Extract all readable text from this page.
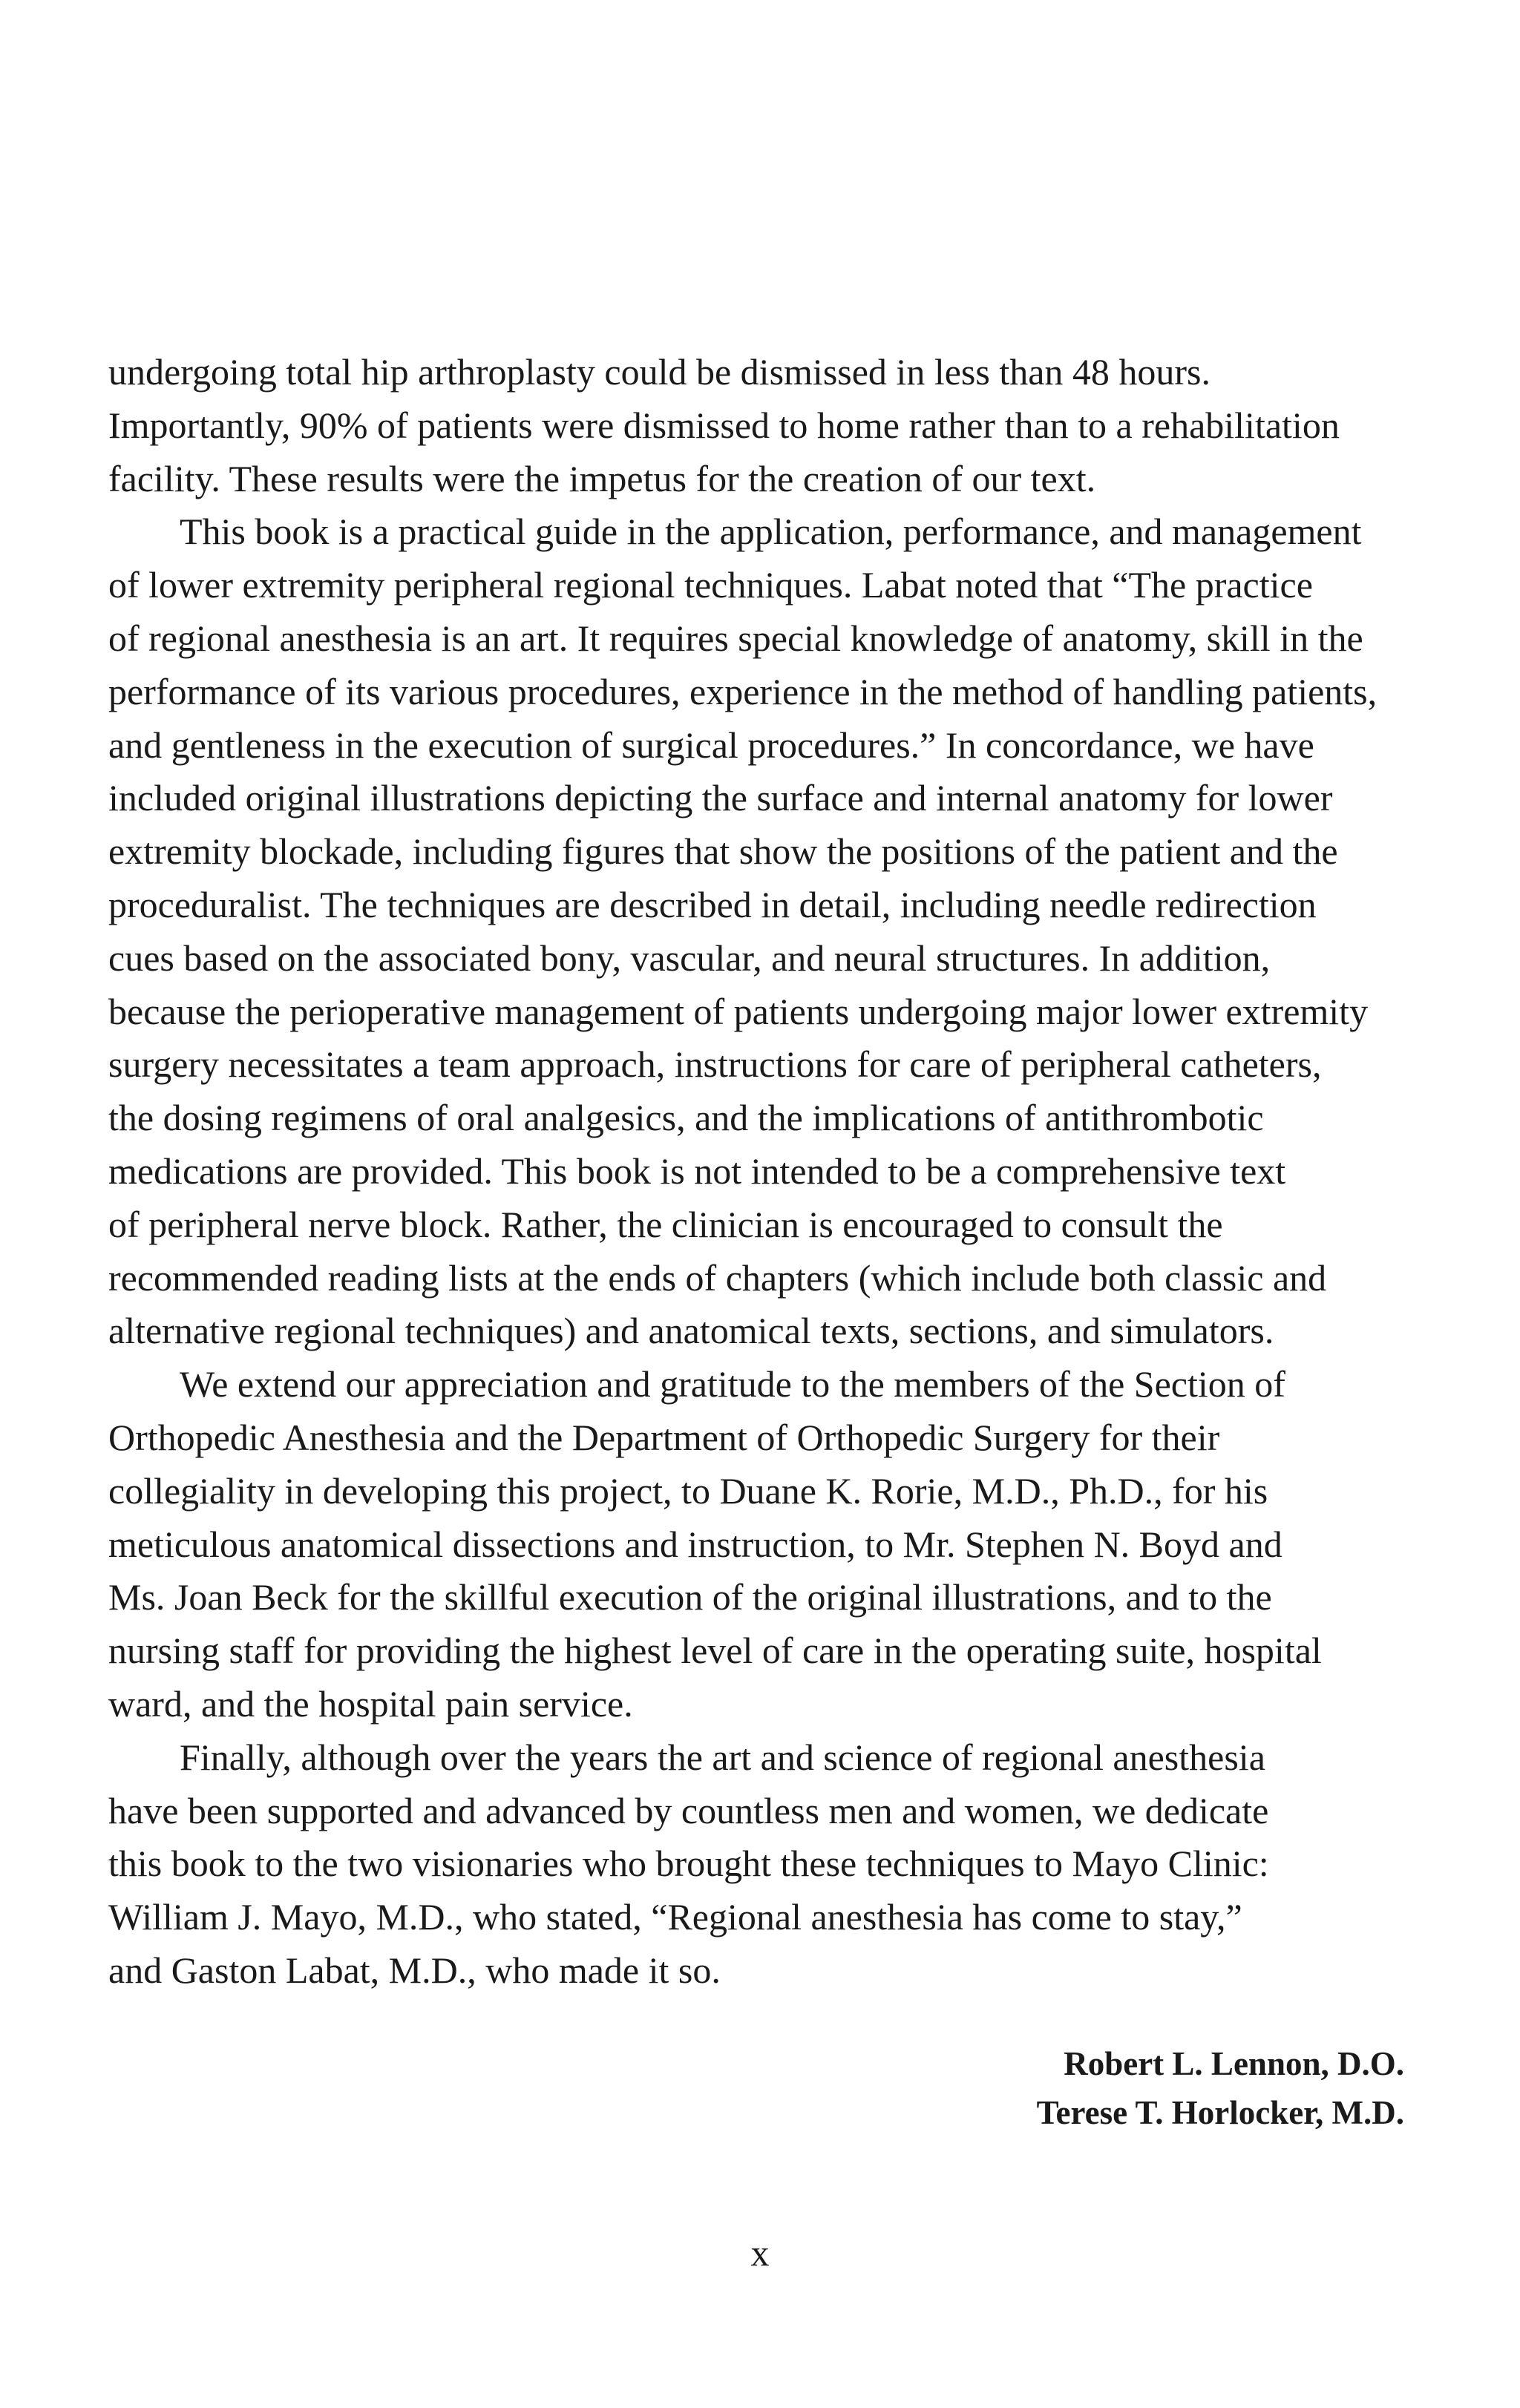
undergoing total hip arthroplasty could be dismissed in less than 48 hours.
Importantly, 90% of patients were dismissed to home rather than to a rehabilitation
facility. These results were the impetus for the creation of our text.
This book is a practical guide in the application, performance, and management
of lower extremity peripheral regional techniques. Labat noted that “The practice
of regional anesthesia is an art. It requires special knowledge of anatomy, skill in the
performance of its various procedures, experience in the method of handling patients,
and gentleness in the execution of surgical procedures.” In concordance, we have
included original illustrations depicting the surface and internal anatomy for lower
extremity blockade, including figures that show the positions of the patient and the
proceduralist. The techniques are described in detail, including needle redirection
cues based on the associated bony, vascular, and neural structures. In addition,
because the perioperative management of patients undergoing major lower extremity
surgery necessitates a team approach, instructions for care of peripheral catheters,
the dosing regimens of oral analgesics, and the implications of antithrombotic
medications are provided. This book is not intended to be a comprehensive text
of peripheral nerve block. Rather, the clinician is encouraged to consult the
recommended reading lists at the ends of chapters (which include both classic and
alternative regional techniques) and anatomical texts, sections, and simulators.
We extend our appreciation and gratitude to the members of the Section of
Orthopedic Anesthesia and the Department of Orthopedic Surgery for their
collegiality in developing this project, to Duane K. Rorie, M.D., Ph.D., for his
meticulous anatomical dissections and instruction, to Mr. Stephen N. Boyd and
Ms. Joan Beck for the skillful execution of the original illustrations, and to the
nursing staff for providing the highest level of care in the operating suite, hospital
ward, and the hospital pain service.
Finally, although over the years the art and science of regional anesthesia
have been supported and advanced by countless men and women, we dedicate
this book to the two visionaries who brought these techniques to Mayo Clinic:
William J. Mayo, M.D., who stated, “Regional anesthesia has come to stay,”
and Gaston Labat, M.D., who made it so.
Robert L. Lennon, D.O.
Terese T. Horlocker, M.D.
x
